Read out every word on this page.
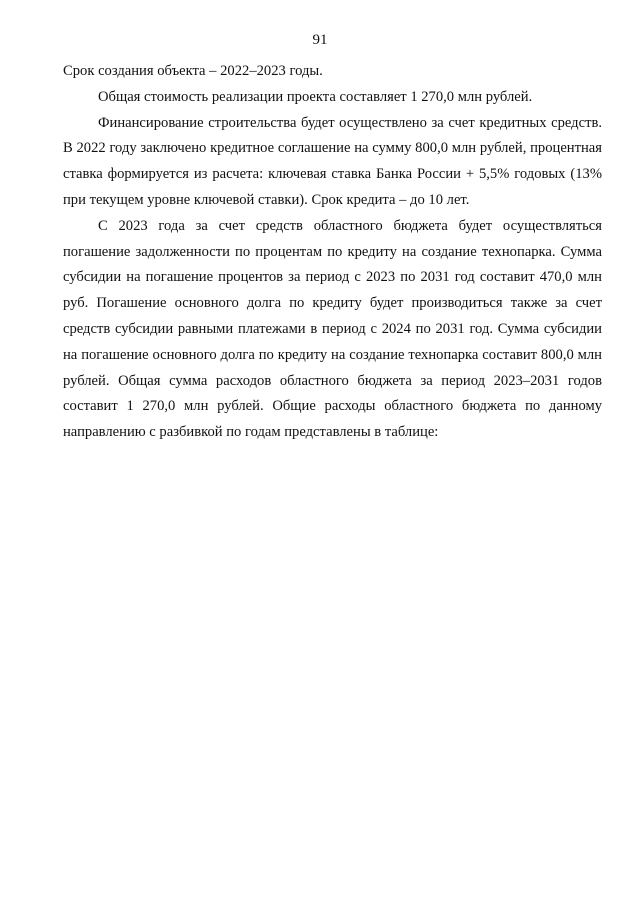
91

Срок создания объекта – 2022–2023 годы.

Общая стоимость реализации проекта составляет 1 270,0 млн рублей.

Финансирование строительства будет осуществлено за счет кредитных средств. В 2022 году заключено кредитное соглашение на сумму 800,0 млн рублей, процентная ставка формируется из расчета: ключевая ставка Банка России + 5,5% годовых (13% при текущем уровне ключевой ставки). Срок кредита – до 10 лет.

С 2023 года за счет средств областного бюджета будет осуществляться погашение задолженности по процентам по кредиту на создание технопарка. Сумма субсидии на погашение процентов за период с 2023 по 2031 год составит 470,0 млн руб. Погашение основного долга по кредиту будет производиться также за счет средств субсидии равными платежами в период с 2024 по 2031 год. Сумма субсидии на погашение основного долга по кредиту на создание технопарка составит 800,0 млн рублей. Общая сумма расходов областного бюджета за период 2023–2031 годов составит 1 270,0 млн рублей. Общие расходы областного бюджета по данному направлению с разбивкой по годам представлены в таблице:
